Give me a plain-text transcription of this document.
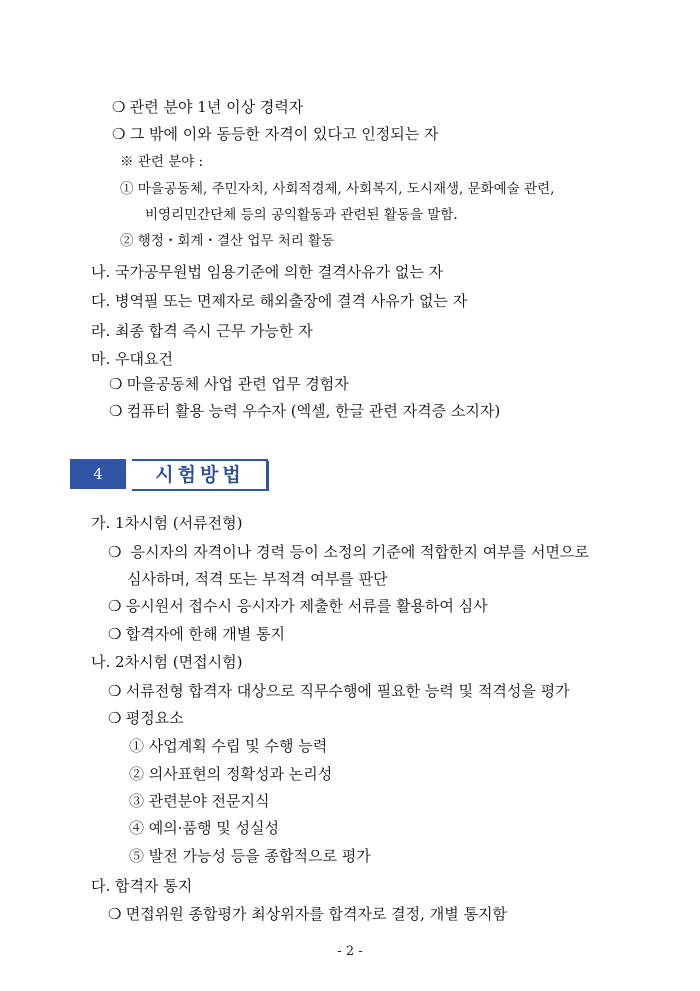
❍ 관련 분야 1년 이상 경력자
❍ 그 밖에 이와 동등한 자격이 있다고 인정되는 자
※ 관련 분야 :
① 마을공동체, 주민자치, 사회적경제, 사회복지, 도시재생, 문화예술 관련,
비영리민간단체 등의 공익활동과 관련된 활동을 말함.
② 행정・회계・결산 업무 처리 활동
나. 국가공무원법 임용기준에 의한 결격사유가 없는 자
다. 병역필 또는 면제자로 해외출장에 결격 사유가 없는 자
라. 최종 합격 즉시 근무 가능한 자
마. 우대요건
❍ 마을공동체 사업 관련 업무 경험자
❍ 컴퓨터 활용 능력 우수자 (엑셀, 한글 관련 자격증 소지자)
4	시험방법
가. 1차시험 (서류전형)
❍ 응시자의 자격이나 경력 등이 소정의 기준에 적합한지 여부를 서면으로
심사하며, 적격 또는 부적격 여부를 판단
❍ 응시원서 접수시 응시자가 제출한 서류를 활용하여 심사
❍ 합격자에 한해 개별 통지
나. 2차시험 (면접시험)
❍ 서류전형 합격자 대상으로 직무수행에 필요한 능력 및 적격성을 평가
❍ 평정요소
① 사업계획 수립 및 수행 능력
② 의사표현의 정확성과 논리성
③ 관련분야 전문지식
④ 예의·품행 및 성실성
⑤ 발전 가능성 등을 종합적으로 평가
다. 합격자 통지
❍ 면접위원 종합평가 최상위자를 합격자로 결정, 개별 통지함
- 2 -
